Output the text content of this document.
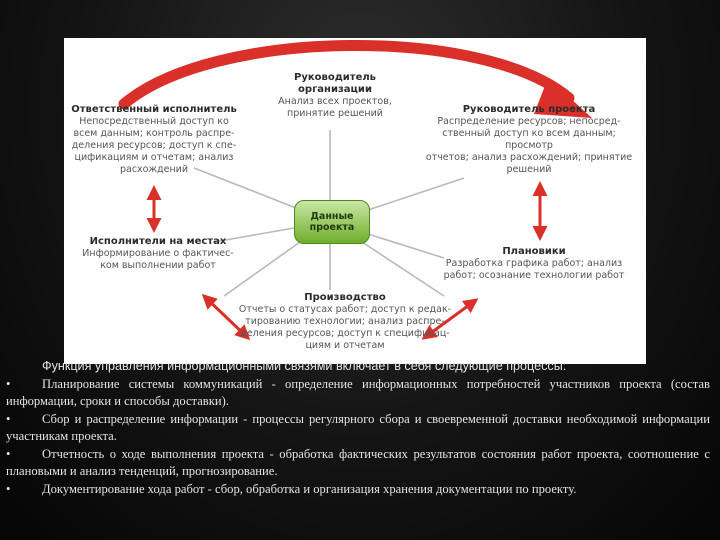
Руководитель организации
Анализ всех проектов,
принятие решений
Ответственный исполнитель
Непосредственный доступ ко
всем данным; контроль распре-
деления ресурсов; доступ к спе-
цификациям и отчетам; анализ
расхождений
Руководитель проекта
Распределение ресурсов; непосред-
ственный доступ ко всем данным; просмотр
отчетов; анализ расхождений; принятие
решений
Исполнители на местах
Информирование о фактичес-
ком выполнении работ
Плановики
Разработка графика работ; анализ
работ; осознание технологии работ
Производство
Отчеты о статусах работ; доступ к редак-
тированию технологии; анализ распре-
деления ресурсов; доступ к спецификац-
циям и отчетам
Данные
проекта

Функция управления информационными связями включает в себя следующие процессы:

•	Планирование системы коммуникаций - определение информационных потребностей участников проекта (состав информации, сроки и способы доставки).

•	Сбор и распределение информации - процессы регулярного сбора и своевременной доставки необходимой информации участникам проекта.

•	Отчетность о ходе выполнения проекта - обработка фактических результатов состояния работ проекта, соотношение с плановыми и анализ тенденций, прогнозирование.

•	Документирование хода работ - сбор, обработка и организация хранения документации по проекту.
